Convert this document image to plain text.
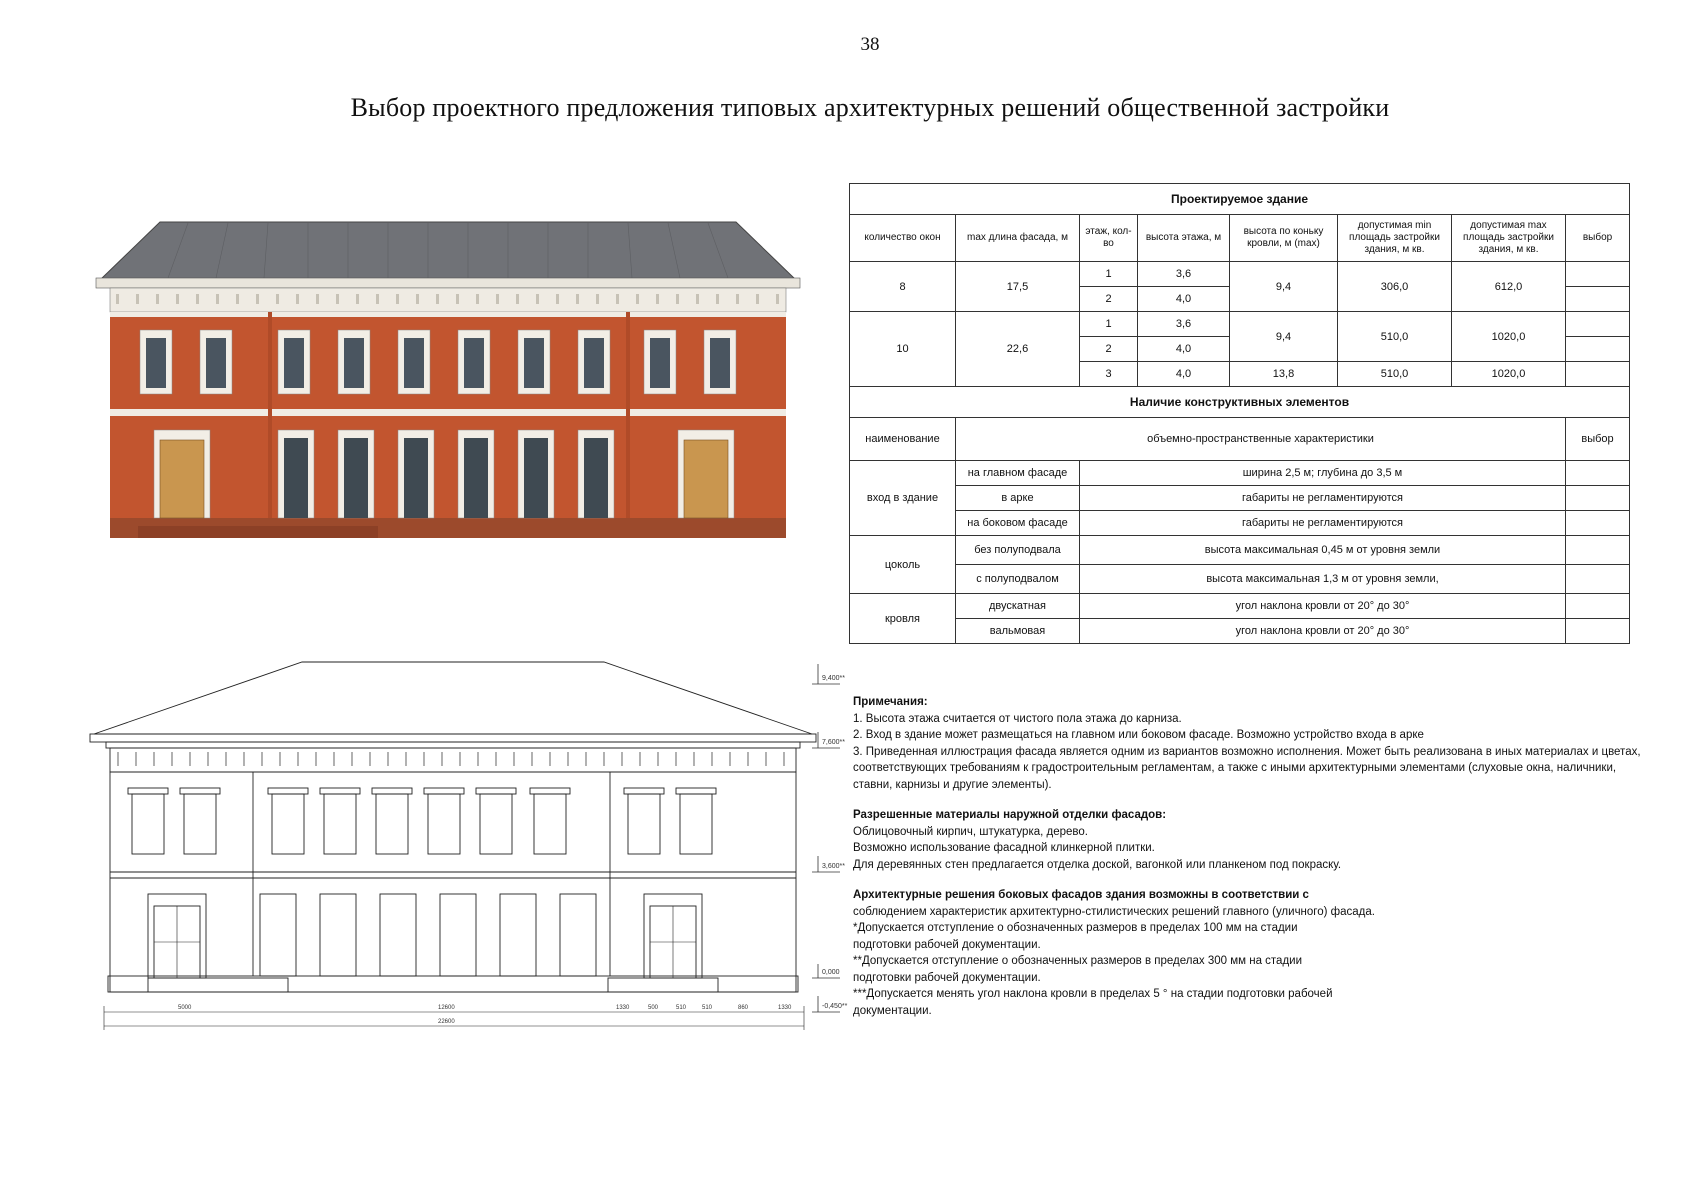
38
Выбор проектного предложения типовых архитектурных решений общественной застройки
5000	12600	1330	500	510	510	860	1330
22600
9,400**
7,600**
3,600**
0,000
-0,450**
Проектируемое здание							
количество окон	max длина фасада, м	этаж, кол-во	высота этажа, м	высота по коньку кровли, м (max)	допустимая min площадь застройки здания, м кв.	допустимая max площадь застройки здания, м кв.	выбор
8	17,5	1	3,6	9,4	306,0	612,0	
		2	4,0				
10	22,6	1	3,6	9,4	510,0	1020,0	
		2	4,0				
		3	4,0	13,8	510,0	1020,0	
Наличие конструктивных элементов							
наименование	объемно-пространственные характеристики						выбор
вход в здание	на главном фасаде	ширина 2,5 м; глубина до 3,5 м					
	в арке	габариты не регламентируются					
	на боковом фасаде	габариты не регламентируются					
цоколь	без полуподвала	высота максимальная 0,45 м от уровня земли					
	с полуподвалом	высота максимальная 1,3 м от уровня земли,					
кровля	двускатная	угол наклона кровли от 20° до 30°					
	вальмовая	угол наклона кровли от 20° до 30°					

Примечания:

1. Высота этажа считается от чистого пола этажа до карниза.

2. Вход в здание может размещаться на главном или боковом фасаде. Возможно устройство входа в арке

3. Приведенная иллюстрация фасада является одним из вариантов возможно исполнения. Может быть реализована в иных материалах и цветах, соответствующих требованиям к градостроительным регламентам, а также с иными архитектурными элементами (слуховые окна, наличники, ставни, карнизы и другие элементы).

Разрешенные материалы наружной отделки фасадов:

Облицовочный кирпич, штукатурка, дерево.

Возможно использование фасадной клинкерной плитки.

Для деревянных стен предлагается отделка доской, вагонкой или планкеном под покраску.

Архитектурные решения боковых фасадов здания возможны в соответствии с

соблюдением характеристик архитектурно-стилистических решений главного (уличного) фасада.

*Допускается отступление о обозначенных размеров в пределах 100 мм на стадии

подготовки рабочей документации.

**Допускается отступление о обозначенных размеров в пределах 300 мм на стадии

подготовки рабочей документации.

***Допускается менять угол наклона кровли в пределах 5 ° на стадии подготовки рабочей

документации.
